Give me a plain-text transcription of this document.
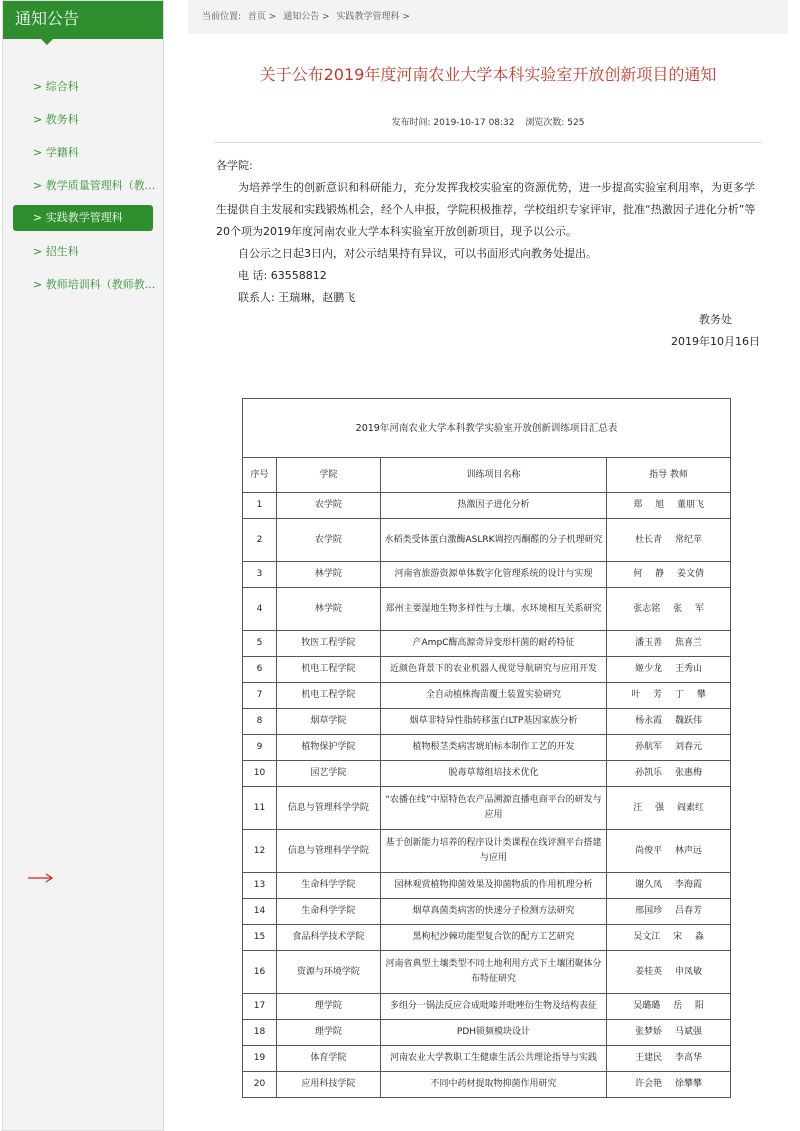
通知公告
> 综合科
> 教务科
> 学籍科
> 教学质量管理科（教...
> 实践教学管理科
> 招生科
> 教师培训科（教师教...
当前位置: 首页 > 通知公告 > 实践教学管理科 >
关于公布2019年度河南农业大学本科实验室开放创新项目的通知
发布时间: 2019-10-17 08:32 浏览次数: 525

各学院:

为培养学生的创新意识和科研能力，充分发挥我校实验室的资源优势，进一步提高实验室利用率，为更多学生提供自主发展和实践锻炼机会，经个人申报，学院积极推荐，学校组织专家评审，批准“热激因子进化分析”等20个项为2019年度河南农业大学本科实验室开放创新项目，现予以公示。

自公示之日起3日内，对公示结果持有异议，可以书面形式向教务处提出。

电 话: 63558812

联系人: 王瑞琳，赵鹏飞

教务处

2019年10月16日

2019年河南农业大学本科教学实验室开放创新训练项目汇总表			
序号	学院	训练项目名称	指导 教师
1	农学院	热激因子进化分析	郑 旭 董朋飞
2	农学院	水稻类受体蛋白激酶ASLRK调控丙酮醛的分子机理研究	杜长青 常纪苹
3	林学院	河南省旅游资源单体数字化管理系统的设计与实现	何 静 姜文倩
4	林学院	郑州主要湿地生物多样性与土壤、水环境相互关系研究	张志铭 张 军
5	牧医工程学院	产AmpC酶高源奇异变形杆菌的耐药特征	潘玉善 焦喜兰
6	机电工程学院	近颜色背景下的农业机器人视觉导航研究与应用开发	姬少龙 王秀山
7	机电工程学院	全自动植株掏苗覆土装置实验研究	叶 芳 丁 攀
8	烟草学院	烟草非特异性脂转移蛋白LTP基因家族分析	杨永霞 魏跃伟
9	植物保护学院	植物根茎类病害琥珀标本制作工艺的开发	孙航军 刘春元
10	园艺学院	脱毒草莓组培技术优化	孙凯乐 张惠梅
11	信息与管理科学学院	“农播在线”中原特色农产品溯源直播电商平台的研发与应用	汪 强 阎素红
12	信息与管理科学学院	基于创新能力培养的程序设计类课程在线评测平台搭建与应用	尚俊平 林声远
13	生命科学学院	园林观赏植物抑菌效果及抑菌物质的作用机理分析	谢久凤 李海霞
14	生命科学学院	烟草真菌类病害的快速分子检测方法研究	邢国珍 吕春芳
15	食品科学技术学院	黑枸杞沙棘功能型复合饮的配方工艺研究	吴文江 宋 淼
16	资源与环境学院	河南省典型土壤类型不同土地利用方式下土壤团聚体分布特征研究	姜桂英 申凤敏
17	理学院	多组分一锅法反应合成吡嗪并吡唑衍生物及结构表征	吴璐璐 岳 阳
18	理学院	PDH锁频模块设计	张梦娇 马斌强
19	体育学院	河南农业大学教职工生健康生活公共理论指导与实践	王建民 李高华
20	应用科技学院	不同中药材提取物抑菌作用研究	许会艳 徐攀攀
